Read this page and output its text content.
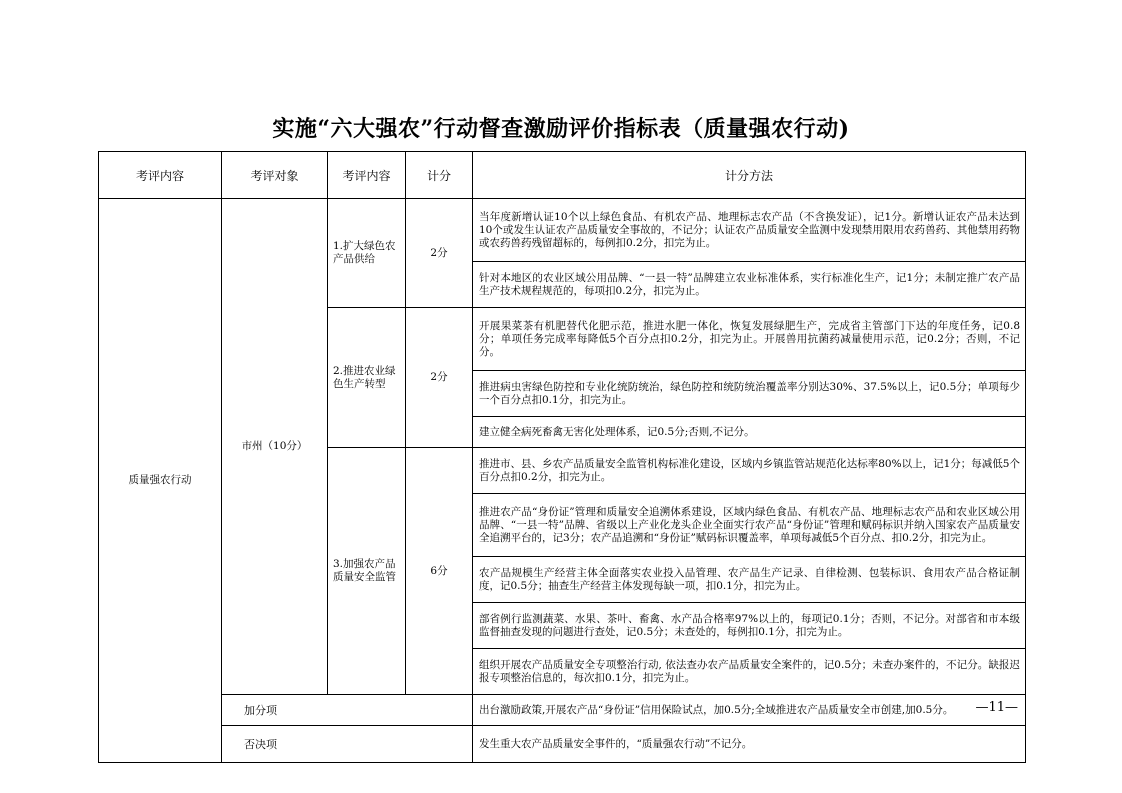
实施“六大强农”行动督查激励评价指标表（质量强农行动)
考评内容	考评对象	考评内容	计分	计分方法
质量强农行动	市州（10分）	1.扩大绿色农产品供给	2分	当年度新增认证10个以上绿色食品、有机农产品、地理标志农产品（不含换发证），记1分。新增认证农产品未达到10个或发生认证农产品质量安全事故的，不记分；认证农产品质量安全监测中发现禁用限用农药兽药、其他禁用药物或农药兽药残留超标的，每例扣0.2分，扣完为止。
				针对本地区的农业区域公用品牌、“一县一特”品牌建立农业标准体系，实行标准化生产，记1分；未制定推广农产品生产技术规程规范的，每项扣0.2分，扣完为止。
		2.推进农业绿色生产转型	2分	开展果菜茶有机肥替代化肥示范，推进水肥一体化，恢复发展绿肥生产，完成省主管部门下达的年度任务，记0.8分；单项任务完成率每降低5个百分点扣0.2分，扣完为止。开展兽用抗菌药减量使用示范，记0.2分；否则，不记分。
				推进病虫害绿色防控和专业化统防统治，绿色防控和统防统治覆盖率分别达30%、37.5%以上，记0.5分；单项每少一个百分点扣0.1分，扣完为止。
				建立健全病死畜禽无害化处理体系，记0.5分;否则,不记分。
		3.加强农产品质量安全监管	6分	推进市、县、乡农产品质量安全监管机构标准化建设，区域内乡镇监管站规范化达标率80%以上，记1分；每减低5个百分点扣0.2分，扣完为止。
				推进农产品“身份证”管理和质量安全追溯体系建设，区域内绿色食品、有机农产品、地理标志农产品和农业区域公用品牌、“一县一特”品牌、省级以上产业化龙头企业全面实行农产品“身份证”管理和赋码标识并纳入国家农产品质量安全追溯平台的，记3分；农产品追溯和“身份证”赋码标识覆盖率，单项每减低5个百分点、扣0.2分，扣完为止。
				农产品规模生产经营主体全面落实农业投入品管理、农产品生产记录、自律检测、包装标识、食用农产品合格证制度，记0.5分；抽查生产经营主体发现每缺一项，扣0.1分，扣完为止。
				部省例行监测蔬菜、水果、茶叶、畜禽、水产品合格率97%以上的，每项记0.1分；否则，不记分。对部省和市本级监督抽查发现的问题进行查处，记0.5分；未查处的，每例扣0.1分，扣完为止。
				组织开展农产品质量安全专项整治行动, 依法查办农产品质量安全案件的，记0.5分；未查办案件的，不记分。缺报迟报专项整治信息的，每次扣0.1分，扣完为止。
	加分项			出台激励政策,开展农产品“身份证”信用保险试点，加0.5分;全域推进农产品质量安全市创建,加0.5分。
	否决项			发生重大农产品质量安全事件的，“质量强农行动”不记分。
—11—
